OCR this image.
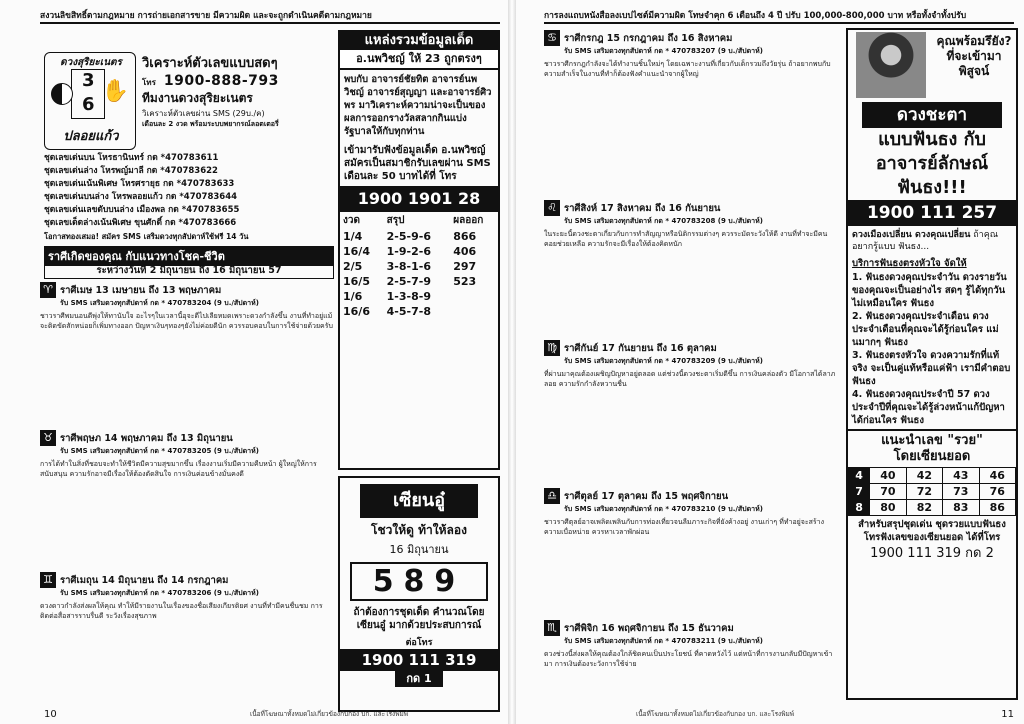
สงวนลิขสิทธิ์ตามกฎหมาย การถ่ายเอกสารขาย มีความผิด และจะถูกดำเนินคดีตามกฎหมาย
ดวงสุริยะเนตร
3
6
✋
ปลอยแก้ว
วิเคราะห์ตัวเลขแบบสดๆ
โทร 1900-888-793
ทีมงานดวงสุริยะเนตร
วิเคราะห์ตัวเลขผ่าน SMS (29บ./ค)
เดือนละ 2 งวด พร้อมระบบพยากรณ์ลอตเตอรี่
ชุดเลขเด่นบน โหรธานินทร์ กด *470783611
ชุดเลขเด่นล่าง โหรพญ์มาลี กด *470783622
ชุดเลขเด่นเน้นพิเศษ โหรศรายุธ กด *470783633
ชุดเลขเด่นบนล่าง โหรพลอยแก้ว กด *470783644
ชุดเลขเด่นเลขดับบนล่าง เมืองพล กด *470783655
ชุดเลขเด็ดล่างเน้นพิเศษ ขุนศักดิ์ กด *470783666
โอกาสทองเสมอ! สมัคร SMS เสริมดวงทุกสัปดาห์ใช้ฟรี 14 วัน
ราศีเกิดของคุณ กับแนวทางโชค-ชีวิต
ระหว่างวันที่ 2 มิถุนายน ถึง 16 มิถุนายน 57
♈ ราศีเมษ 13 เมษายน ถึง 13 พฤษภาคม
รับ SMS เสริมดวงทุกสัปดาห์ กด * 470783204 (9 บ./สัปดาห์)
ชาวราศีพมนอนดีพุ่งให้ทานับใจ อะไรๆในเวลานี้อุจะดีไปเลียหมดเพราะดวงกำลังขึ้น งานที่ทำอยู่แม้จะติดขัดสักหน่อยก็เพิ่มทางออก ปัญหาเงินๆทองๆยังไม่ค่อยดีนัก ควรรอบคอบในการใช้จ่ายด้วยครับ
♉ ราศีพฤษภ 14 พฤษภาคม ถึง 13 มิถุนายน
รับ SMS เสริมดวงทุกสัปดาห์ กด * 470783205 (9 บ./สัปดาห์)
การได้ทำในสิ่งที่ชอบจะทำให้ชีวิตมีความสุขมากขึ้น เรื่องงานเริ่มมีความคืบหน้า ผู้ใหญ่ให้การสนับสนุน ความรักอาจมีเรื่องให้ต้องตัดสินใจ การเงินค่อนข้างมั่นคงดี
♊ ราศีเมถุน 14 มิถุนายน ถึง 14 กรกฎาคม
รับ SMS เสริมดวงทุกสัปดาห์ กด * 470783206 (9 บ./สัปดาห์)
ดวงดาวกำลังส่งผลให้คุณ ทำให้มีรายงานในเรื่องของชื่อเสียงเกียรติยศ งานที่ทำมีคนชื่นชม การติดต่อสื่อสารราบรื่นดี ระวังเรื่องสุขภาพ
แหล่งรวมข้อมูลเด็ด
อ.นพวิชญ์ ให้ 23 ถูกตรงๆ
พบกับ อาจารย์ชัยทิต อาจารย์นพวิชญ์ อาจารย์สุญญา และอาจารย์ศิวพร มาวิเคราะห์ความน่าจะเป็นของผลการออกรางวัลสลากกินแบ่งรัฐบาลให้กับทุกท่าน
เข้ามารับฟังข้อมูลเด็ด อ.นพวิชญ์ สมัครเป็นสมาชิกรับเลขผ่าน SMS เดือนละ 50 บาทได้ที่ โทร
1900 1901 28
งวด	สรุป	ผลออก
1/4	2-5-9-6	866
16/4	1-9-2-6	406
2/5	3-8-1-6	297
16/5	2-5-7-9	523
1/6	1-3-8-9	
16/6	4-5-7-8	
เซียนอู๋
โชวให้ดู ท้าให้ลอง
16 มิถุนายน
589
ถ้าต้องการชุดเด็ด คำนวณโดยเซียนอู๋ มากด้วยประสบการณ์
ต่อโทร
1900 111 319
กด 1
10	เนื้อที่โฆษณาทั้งหมดไม่เกี่ยวข้องกับกอง บก. และโรงพิมพ์
การลงแถบหนังสือลงเบปไซต์มีความผิด โทษจำคุก 6 เดือนถึง 4 ปี ปรับ 100,000-800,000 บาท หรือทั้งจำทั้งปรับ
♋ ราศีกรกฎ 15 กรกฎาคม ถึง 16 สิงหาคม
รับ SMS เสริมดวงทุกสัปดาห์ กด * 470783207 (9 บ./สัปดาห์)
ชาวราศีกรกฎกำลังจะได้ทำงานชิ้นใหม่ๆ โดยเฉพาะงานที่เกี่ยวกับเด็กรวมถึงวัยรุ่น ถ้าอยากพบกับความสำเร็จในงานที่ทำก็ต้องฟังคำแนะนำจากผู้ใหญ่
♌ ราศีสิงห์ 17 สิงหาคม ถึง 16 กันยายน
รับ SMS เสริมดวงทุกสัปดาห์ กด * 470783208 (9 บ./สัปดาห์)
ในระยะนี้ดวงชะตาเกี่ยวกับการทำสัญญาหรือนิติกรรมต่างๆ ควรระมัดระวังให้ดี งานที่ทำจะมีคนคอยช่วยเหลือ ความรักจะมีเรื่องให้ต้องคิดหนัก
♍ ราศีกันย์ 17 กันยายน ถึง 16 ตุลาคม
รับ SMS เสริมดวงทุกสัปดาห์ กด * 470783209 (9 บ./สัปดาห์)
ที่ผ่านมาคุณต้องเผชิญปัญหาอยู่ตลอด แต่ช่วงนี้ดวงชะตาเริ่มดีขึ้น การเงินคล่องตัว มีโอกาสได้ลาภลอย ความรักกำลังหวานชื่น
♎ ราศีตุลย์ 17 ตุลาคม ถึง 15 พฤศจิกายน
รับ SMS เสริมดวงทุกสัปดาห์ กด * 470783210 (9 บ./สัปดาห์)
ชาวราศีตุลย์อาจเพลิดเพลินกับการท่องเที่ยวจนลืมภาระกิจที่ยังค้างอยู่ งานเก่าๆ ที่ทำอยู่จะสร้างความเบื่อหน่าย ควรหาเวลาพักผ่อน
♏ ราศีพิจิก 16 พฤศจิกายน ถึง 15 ธันวาคม
รับ SMS เสริมดวงทุกสัปดาห์ กด * 470783211 (9 บ./สัปดาห์)
ดวงช่วงนี้ส่งผลให้คุณต้องใกล้ชิดคนเป็นประโยชน์ ที่คาดหวังไว้ แต่หน้าที่การงานกลับมีปัญหาเข้ามา การเงินต้องระวังการใช้จ่าย
คุณพร้อมรึยัง? ที่จะเข้ามาพิสูจน์
ดวงชะตา
แบบฟันธง กับ
อาจารย์ลักษณ์
ฟันธง!!!
1900 111 257
ดวงเมืองเปลี่ยน ดวงคุณเปลี่ยน ถ้าคุณอยากรู้แบบ ฟันธง...
บริการฟันธงตรงหัวใจ จัดให้
1. ฟันธงดวงคุณประจำวัน ดวงรายวันของคุณจะเป็นอย่างไร สดๆ รู้ได้ทุกวัน ไม่เหมือนใคร ฟันธง
2. ฟันธงดวงคุณประจำเดือน ดวงประจำเดือนที่คุณจะได้รู้ก่อนใคร แม่นมากๆ ฟันธง
3. ฟันธงตรงหัวใจ ดวงความรักที่แท้จริง จะเป็นคู่แท้หรือแค่ฟ้า เรามีคำตอบ ฟันธง
4. ฟันธงดวงคุณประจำปี 57 ดวงประจำปีที่คุณจะได้รู้ล่วงหน้าแก้ปัญหาได้ก่อนใคร ฟันธง
แนะนำเลข "รวย"
โดยเซียนยอด
4	40	42	43	46
7	70	72	73	76
8	80	82	83	86
สำหรับสรุปชุดเด่น ชุดรวยแบบฟันธง โทรฟังเลขของเซียนยอด ได้ที่โทร
1900 111 319 กด 2
11
เนื้อที่โฆษณาทั้งหมดไม่เกี่ยวข้องกับกอง บก. และโรงพิมพ์
